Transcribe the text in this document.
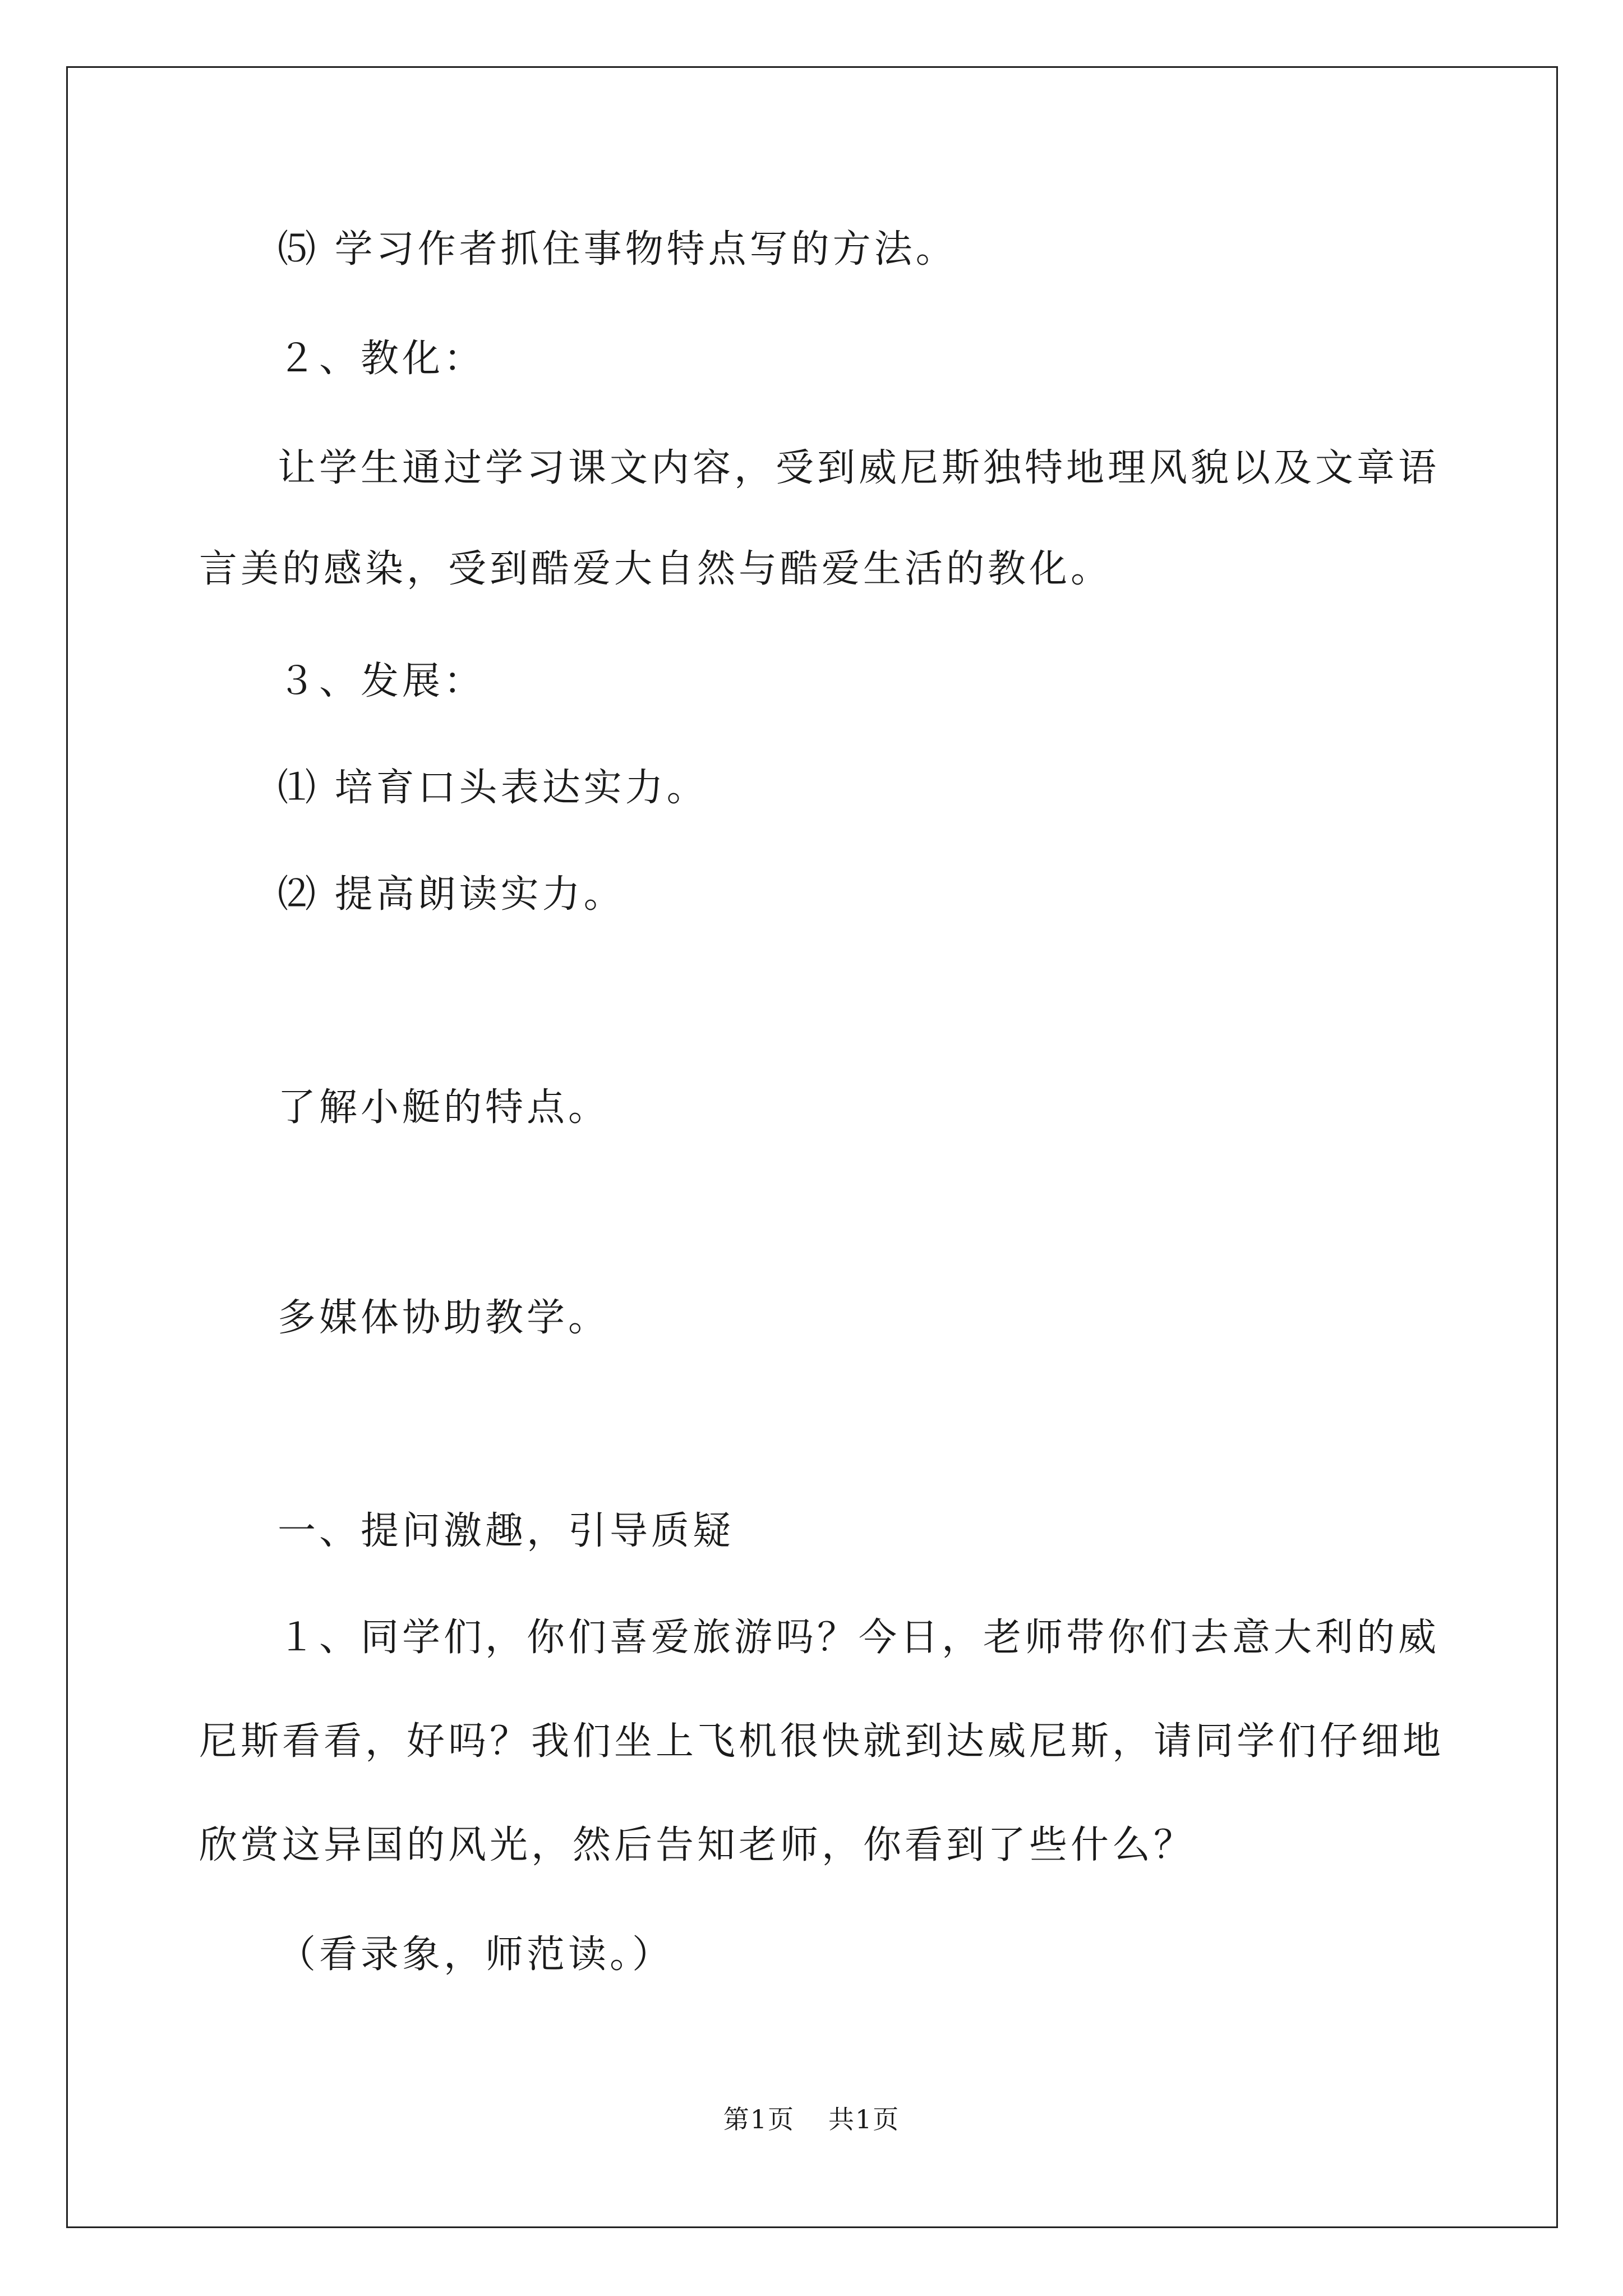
⑸ 学习作者抓住事物特点写的方法。
２、教化：
让学生通过学习课文内容，受到威尼斯独特地理风貌以及文章语
言美的感染，受到酷爱大自然与酷爱生活的教化。
３、发展：
⑴ 培育口头表达实力。
⑵ 提高朗读实力。
了解小艇的特点。
多媒体协助教学。
一、提问激趣，引导质疑
１、同学们，你们喜爱旅游吗？今日，老师带你们去意大利的威
尼斯看看，好吗？我们坐上飞机很快就到达威尼斯，请同学们仔细地
欣赏这异国的风光，然后告知老师，你看到了些什么？
（看录象，师范读。）
第1页 共1页
